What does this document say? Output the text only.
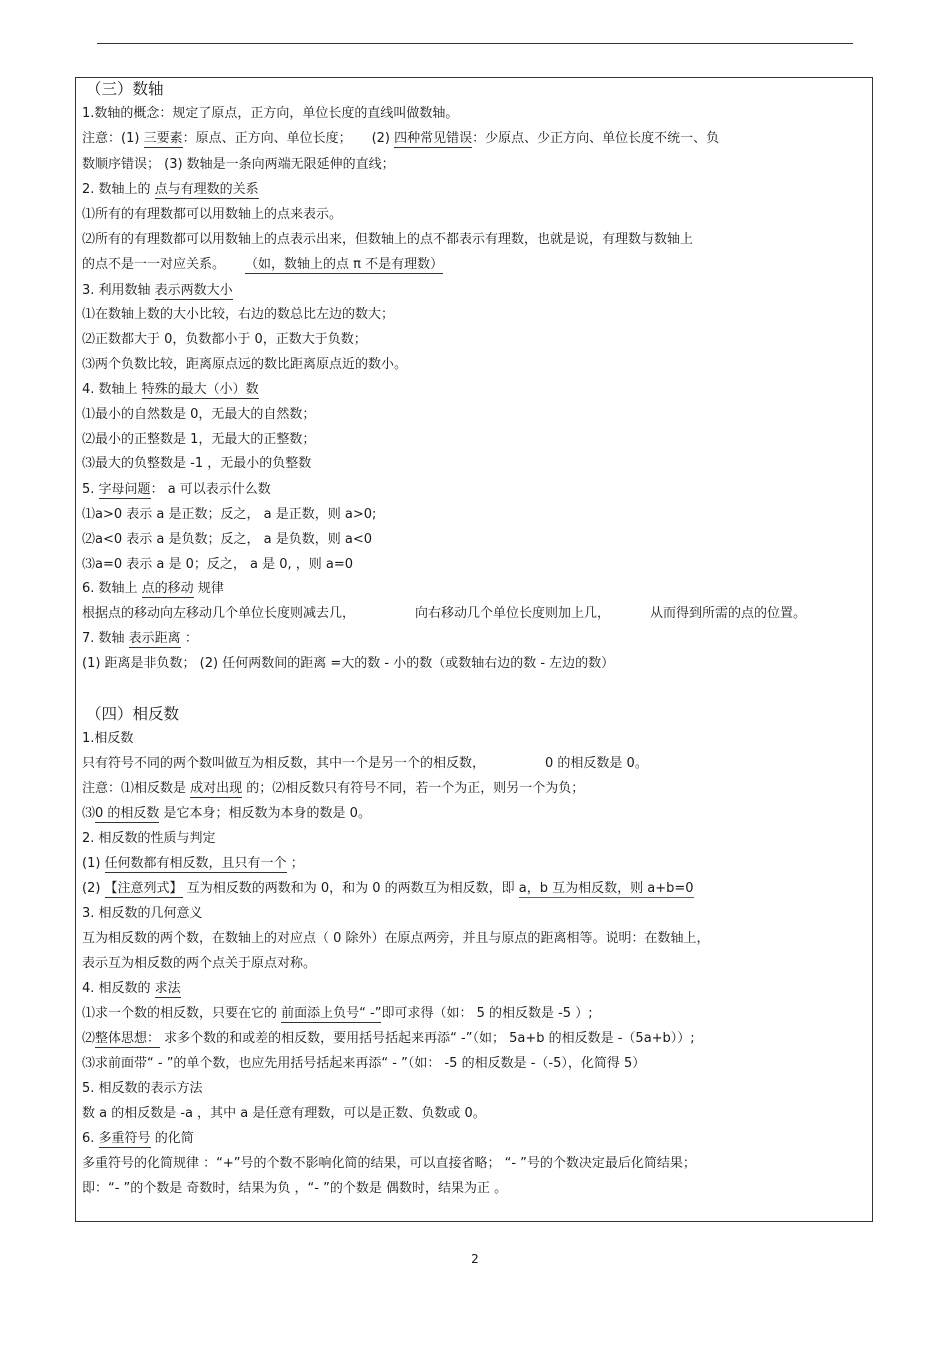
（三）数轴
1.数轴的概念：规定了原点，正方向，单位长度的直线叫做数轴。
注意：(1) 三要素：原点、正方向、单位长度； (2) 四种常见错误：少原点、少正方向、单位长度不统一、负
数顺序错误； (3) 数轴是一条向两端无限延伸的直线；
2. 数轴上的 点与有理数的关系
⑴所有的有理数都可以用数轴上的点来表示。
⑵所有的有理数都可以用数轴上的点表示出来，但数轴上的点不都表示有理数，也就是说，有理数与数轴上
的点不是一一对应关系。 （如，数轴上的点 π 不是有理数）
3. 利用数轴 表示两数大小
⑴在数轴上数的大小比较，右边的数总比左边的数大；
⑵正数都大于 0，负数都小于 0，正数大于负数；
⑶两个负数比较，距离原点远的数比距离原点近的数小。
4. 数轴上 特殊的最大（小）数
⑴最小的自然数是 0，无最大的自然数；
⑵最小的正整数是 1，无最大的正整数；
⑶最大的负整数是 -1 ，无最小的负整数
5. 字母问题： a 可以表示什么数
⑴a>0 表示 a 是正数；反之， a 是正数，则 a>0;
⑵a<0 表示 a 是负数；反之， a 是负数，则 a<0
⑶a=0 表示 a 是 0；反之， a 是 0, ，则 a=0
6. 数轴上 点的移动 规律
根据点的移动向左移动几个单位长度则减去几，	向右移动几个单位长度则加上几，	从而得到所需的点的位置。
7. 数轴 表示距离 ：
(1) 距离是非负数； (2) 任何两数间的距离 =大的数 - 小的数（或数轴右边的数 - 左边的数）
（四）相反数
1.相反数
只有符号不同的两个数叫做互为相反数，其中一个是另一个的相反数，	0 的相反数是 0。
注意：⑴相反数是 成对出现 的；⑵相反数只有符号不同，若一个为正，则另一个为负；
⑶0 的相反数 是它本身；相反数为本身的数是 0。
2. 相反数的性质与判定
(1) 任何数都有相反数，且只有一个 ；
(2) 【注意列式】 互为相反数的两数和为 0，和为 0 的两数互为相反数，即 a，b 互为相反数，则 a+b=0
3. 相反数的几何意义
互为相反数的两个数，在数轴上的对应点（ 0 除外）在原点两旁，并且与原点的距离相等。说明：在数轴上，
表示互为相反数的两个点关于原点对称。
4. 相反数的 求法
⑴求一个数的相反数，只要在它的 前面添上负号“ -”即可求得（如： 5 的相反数是 -5 ）;
⑵整体思想： 求多个数的和或差的相反数，要用括号括起来再添“ -”（如； 5a+b 的相反数是 -（5a+b））;
⑶求前面带“ - ”的单个数，也应先用括号括起来再添“ - ”（如： -5 的相反数是 -（-5），化简得 5）
5. 相反数的表示方法
数 a 的相反数是 -a ，其中 a 是任意有理数，可以是正数、负数或 0。
6. 多重符号 的化简
多重符号的化简规律 ：“+”号的个数不影响化简的结果，可以直接省略； “- ”号的个数决定最后化简结果；
即：“- ”的个数是 奇数时，结果为负 ，“- ”的个数是 偶数时，结果为正 。
2
